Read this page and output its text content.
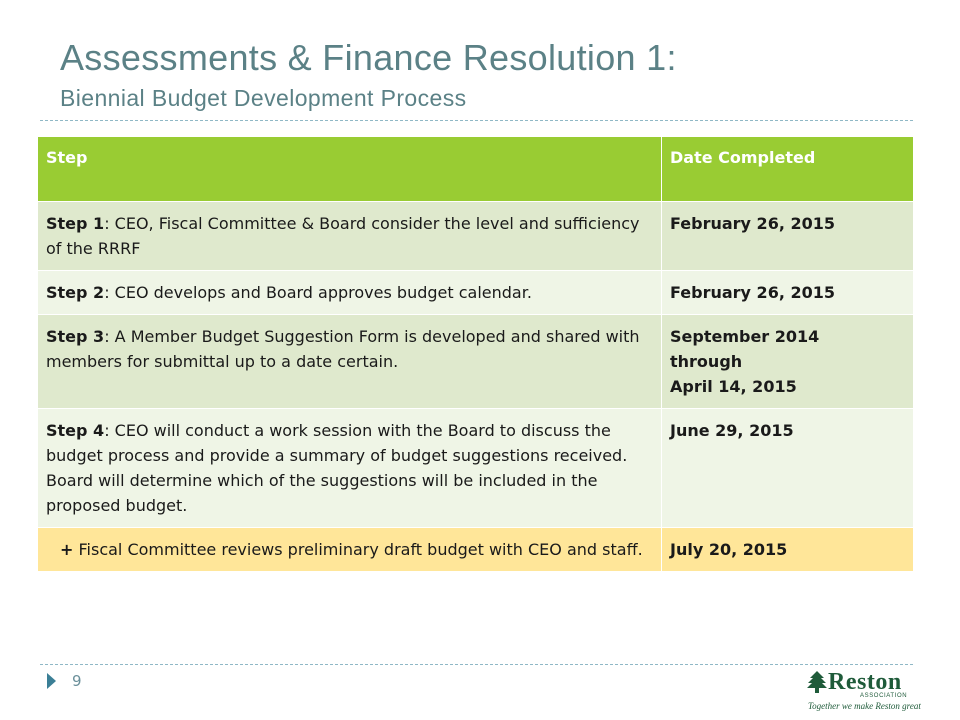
Assessments & Finance Resolution 1:
Biennial Budget Development Process
Step	Date Completed
Step 1: CEO, Fiscal Committee & Board consider the level and sufficiency of the RRRF	February 26, 2015

Step 2: CEO develops and Board approves budget calendar.	February 26, 2015

Step 3: A Member Budget Suggestion Form is developed and shared with members for submittal up to a date certain.	September 2014
through
April 14, 2015

Step 4: CEO will conduct a work session with the Board to discuss the budget process and provide a summary of budget suggestions received. Board will determine which of the suggestions will be included in the proposed budget.	June 29, 2015

+ Fiscal Committee reviews preliminary draft budget with CEO and staff.	July 20, 2015
9	Reston
ASSOCIATION
Together we make Reston great
